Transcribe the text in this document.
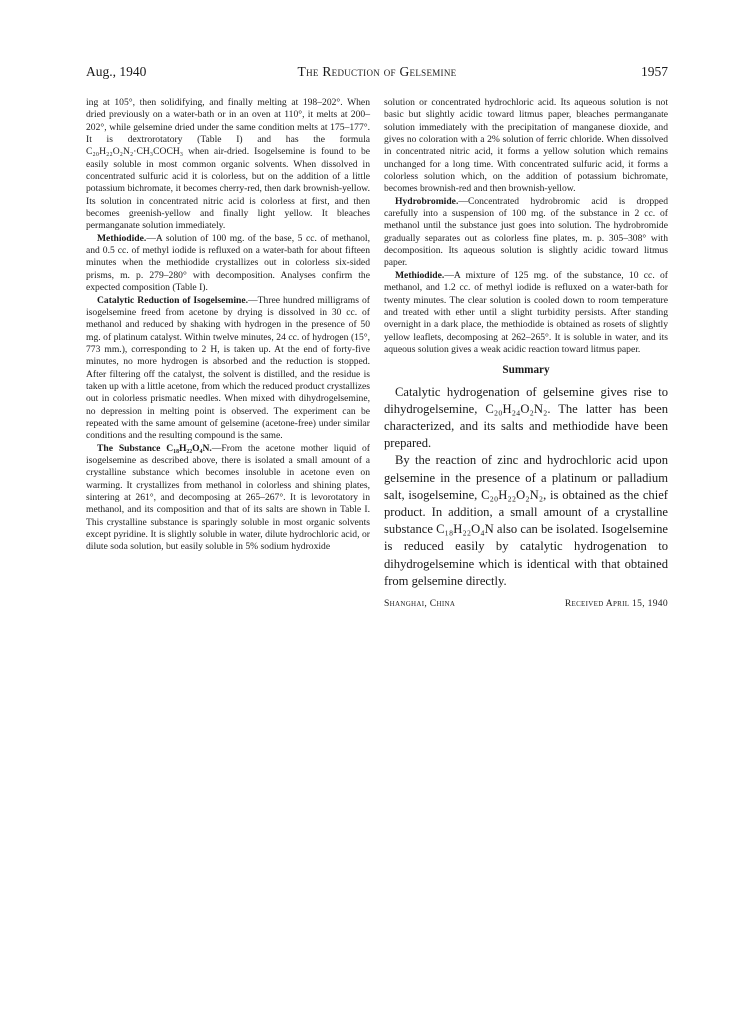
Aug., 1940	The Reduction of Gelsemine	1957

ing at 105°, then solidifying, and finally melting at 198–202°. When dried previously on a water-bath or in an oven at 110°, it melts at 200–202°, while gelsemine dried under the same condition melts at 175–177°. It is dextrorotatory (Table I) and has the formula C₂₀H₂₂O₂N₂·CH₃COCH₃ when air-dried. Isogelsemine is found to be easily soluble in most common organic solvents. When dissolved in concentrated sulfuric acid it is colorless, but on the addition of a little potassium bichromate, it becomes cherry-red, then dark brownish-yellow. Its solution in concentrated nitric acid is colorless at first, and then becomes greenish-yellow and finally light yellow. It bleaches permanganate solution immediately.

Methiodide.—A solution of 100 mg. of the base, 5 cc. of methanol, and 0.5 cc. of methyl iodide is refluxed on a water-bath for about fifteen minutes when the methiodide crystallizes out in colorless six-sided prisms, m. p. 279–280° with decomposition. Analyses confirm the expected composition (Table I).

Catalytic Reduction of Isogelsemine.—Three hundred milligrams of isogelsemine freed from acetone by drying is dissolved in 30 cc. of methanol and reduced by shaking with hydrogen in the presence of 50 mg. of platinum catalyst. Within twelve minutes, 24 cc. of hydrogen (15°, 773 mm.), corresponding to 2 H, is taken up. At the end of forty-five minutes, no more hydrogen is absorbed and the reduction is stopped. After filtering off the catalyst, the solvent is distilled, and the residue is taken up with a little acetone, from which the reduced product crystallizes out in colorless prismatic needles. When mixed with dihydrogelsemine, no depression in melting point is observed. The experiment can be repeated with the same amount of gelsemine (acetone-free) under similar conditions and the resulting compound is the same.

The Substance C₁₈H₂₂O₄N.—From the acetone mother liquid of isogelsemine as described above, there is isolated a small amount of a crystalline substance which becomes insoluble in acetone even on warming. It crystallizes from methanol in colorless and shining plates, sintering at 261°, and decomposing at 265–267°. It is levorotatory in methanol, and its composition and that of its salts are shown in Table I. This crystalline substance is sparingly soluble in most organic solvents except pyridine. It is slightly soluble in water, dilute hydrochloric acid, or dilute soda solution, but easily soluble in 5% sodium hydroxide

solution or concentrated hydrochloric acid. Its aqueous solution is not basic but slightly acidic toward litmus paper, bleaches permanganate solution immediately with the precipitation of manganese dioxide, and gives no coloration with a 2% solution of ferric chloride. When dissolved in concentrated nitric acid, it forms a yellow solution which remains unchanged for a long time. With concentrated sulfuric acid, it forms a colorless solution which, on the addition of potassium bichromate, becomes brownish-red and then brownish-yellow.

Hydrobromide.—Concentrated hydrobromic acid is dropped carefully into a suspension of 100 mg. of the substance in 2 cc. of methanol until the substance just goes into solution. The hydrobromide gradually separates out as colorless fine plates, m. p. 305–308° with decomposition. Its aqueous solution is slightly acidic toward litmus paper.

Methiodide.—A mixture of 125 mg. of the substance, 10 cc. of methanol, and 1.2 cc. of methyl iodide is refluxed on a water-bath for twenty minutes. The clear solution is cooled down to room temperature and treated with ether until a slight turbidity persists. After standing overnight in a dark place, the methiodide is obtained as rosets of slightly yellow leaflets, decomposing at 262–265°. It is soluble in water, and its aqueous solution gives a weak acidic reaction toward litmus paper.

Summary

Catalytic hydrogenation of gelsemine gives rise to dihydrogelsemine, C₂₀H₂₄O₂N₂. The latter has been characterized, and its salts and methiodide have been prepared.

By the reaction of zinc and hydrochloric acid upon gelsemine in the presence of a platinum or palladium salt, isogelsemine, C₂₀H₂₂O₂N₂, is obtained as the chief product. In addition, a small amount of a crystalline substance C₁₈H₂₂O₄N also can be isolated. Isogelsemine is reduced easily by catalytic hydrogenation to dihydrogelsemine which is identical with that obtained from gelsemine directly.

Shanghai, China	Received April 15, 1940
